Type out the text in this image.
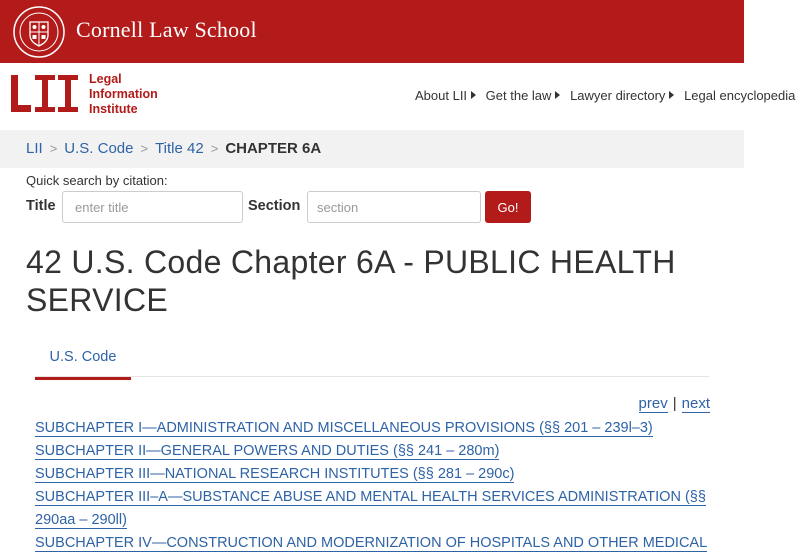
Cornell Law School
Legal
Information
Institute
About LII Get the law Lawyer directory Legal encyclopedia
LII > U.S. Code > Title 42 > CHAPTER 6A
Quick search by citation:
Title
enter title	Section
section	Go!
42 U.S. Code Chapter 6A - PUBLIC HEALTH SERVICE
U.S. Code
prev | next
SUBCHAPTER I—ADMINISTRATION AND MISCELLANEOUS PROVISIONS (§§ 201 – 239l–3)
SUBCHAPTER II—GENERAL POWERS AND DUTIES (§§ 241 – 280m)
SUBCHAPTER III—NATIONAL RESEARCH INSTITUTES (§§ 281 – 290c)
SUBCHAPTER III–A—SUBSTANCE ABUSE AND MENTAL HEALTH SERVICES ADMINISTRATION (§§ 290aa – 290ll)
SUBCHAPTER IV—CONSTRUCTION AND MODERNIZATION OF HOSPITALS AND OTHER MEDICAL
